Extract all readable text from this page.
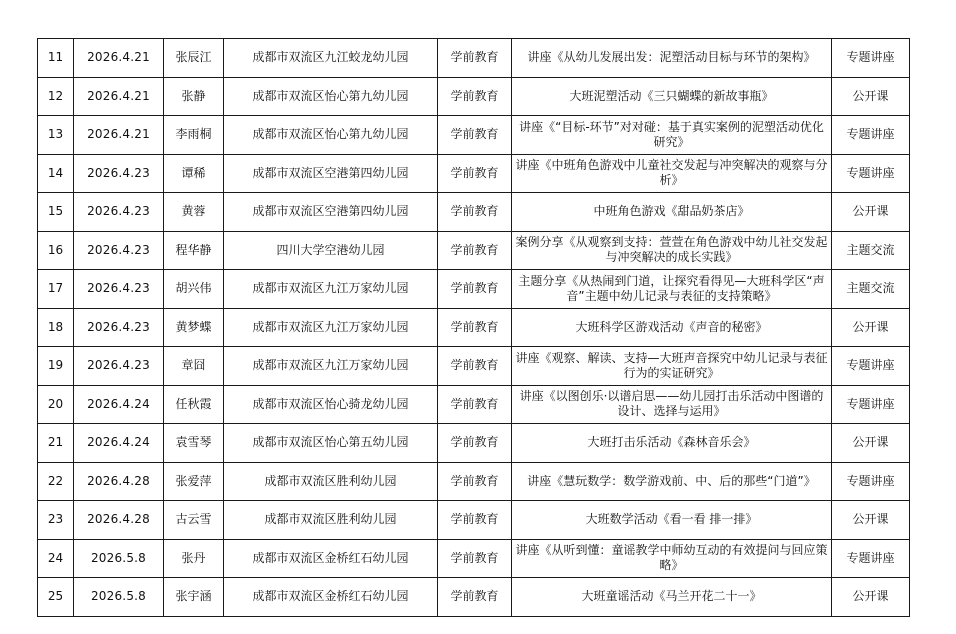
11	2026.4.21	张辰江	成都市双流区九江蛟龙幼儿园	学前教育	讲座《从幼儿发展出发：泥塑活动目标与环节的架构》	专题讲座
12	2026.4.21	张静	成都市双流区怡心第九幼儿园	学前教育	大班泥塑活动《三只蝴蝶的新故事瓶》	公开课
13	2026.4.21	李雨桐	成都市双流区怡心第九幼儿园	学前教育	讲座《“目标-环节”对对碰：基于真实案例的泥塑活动优化研究》	专题讲座
14	2026.4.23	谭稀	成都市双流区空港第四幼儿园	学前教育	讲座《中班角色游戏中儿童社交发起与冲突解决的观察与分析》	专题讲座
15	2026.4.23	黄蓉	成都市双流区空港第四幼儿园	学前教育	中班角色游戏《甜品奶茶店》	公开课
16	2026.4.23	程华静	四川大学空港幼儿园	学前教育	案例分享《从观察到支持：萱萱在角色游戏中幼儿社交发起与冲突解决的成长实践》	主题交流
17	2026.4.23	胡兴伟	成都市双流区九江万家幼儿园	学前教育	主题分享《从热闹到门道，让探究看得见—大班科学区“声音”主题中幼儿记录与表征的支持策略》	主题交流
18	2026.4.23	黄梦蝶	成都市双流区九江万家幼儿园	学前教育	大班科学区游戏活动《声音的秘密》	公开课
19	2026.4.23	章囧	成都市双流区九江万家幼儿园	学前教育	讲座《观察、解读、支持—大班声音探究中幼儿记录与表征行为的实证研究》	专题讲座
20	2026.4.24	任秋霞	成都市双流区怡心骑龙幼儿园	学前教育	讲座《以图创乐·以谱启思——幼儿园打击乐活动中图谱的设计、选择与运用》	专题讲座
21	2026.4.24	袁雪琴	成都市双流区怡心第五幼儿园	学前教育	大班打击乐活动《森林音乐会》	公开课
22	2026.4.28	张爱萍	成都市双流区胜利幼儿园	学前教育	讲座《慧玩数学：数学游戏前、中、后的那些“门道”》	专题讲座
23	2026.4.28	古云雪	成都市双流区胜利幼儿园	学前教育	大班数学活动《看一看 排一排》	公开课
24	2026.5.8	张丹	成都市双流区金桥红石幼儿园	学前教育	讲座《从听到懂：童谣教学中师幼互动的有效提问与回应策略》	专题讲座
25	2026.5.8	张宇涵	成都市双流区金桥红石幼儿园	学前教育	大班童谣活动《马兰开花二十一》	公开课
